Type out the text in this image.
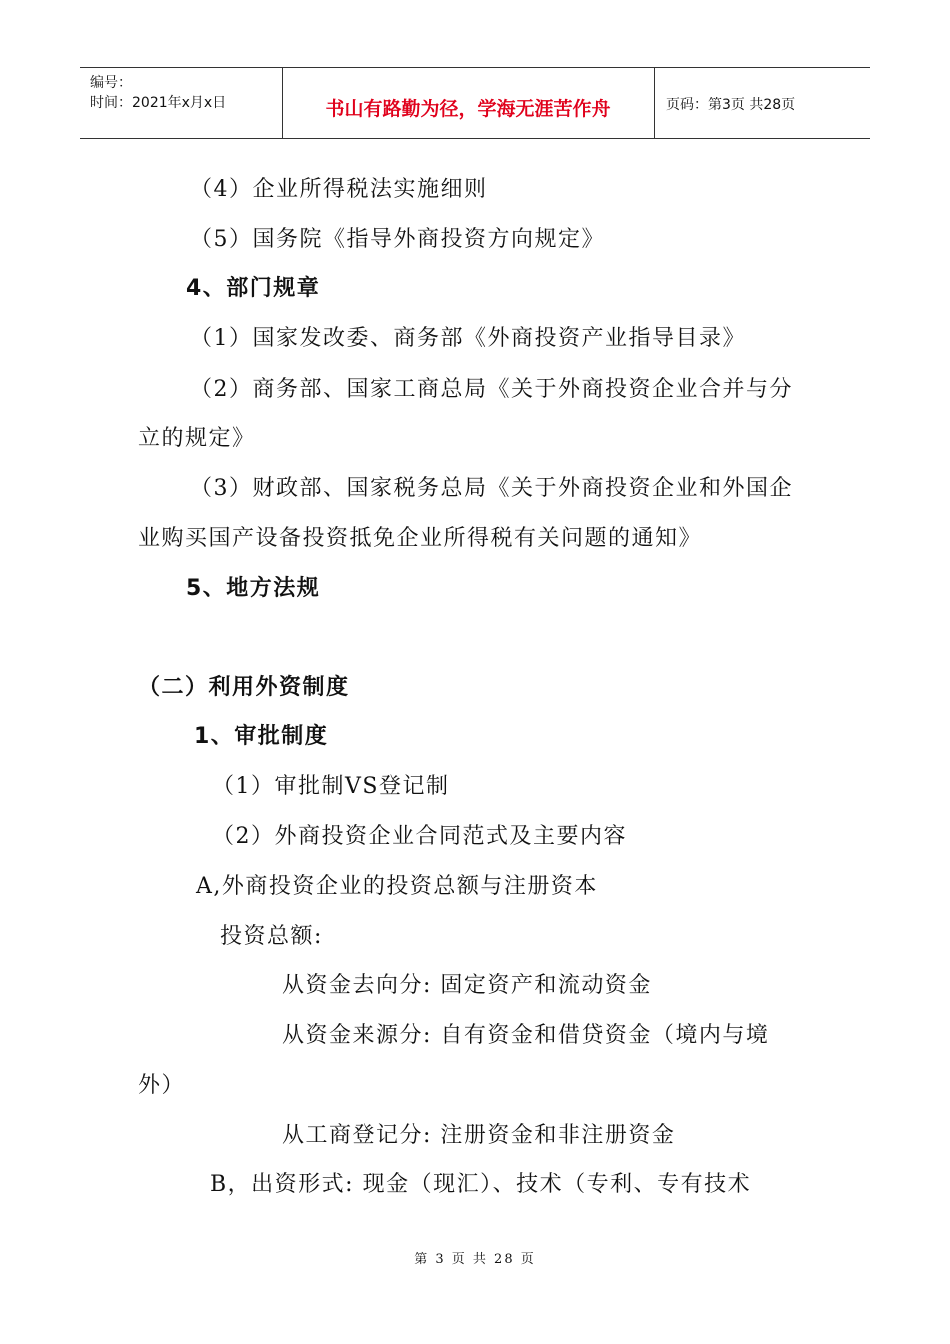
编号：
时间：2021年x月x日	书山有路勤为径，学海无涯苦作舟	页码：第3页 共28页
（4）企业所得税法实施细则
（5）国务院《指导外商投资方向规定》
4、部门规章
（1）国家发改委、商务部《外商投资产业指导目录》
（2）商务部、国家工商总局《关于外商投资企业合并与分
立的规定》
（3）财政部、国家税务总局《关于外商投资企业和外国企
业购买国产设备投资抵免企业所得税有关问题的通知》
5、地方法规
（二）利用外资制度
1、审批制度
（1）审批制VS登记制
（2）外商投资企业合同范式及主要内容
A,外商投资企业的投资总额与注册资本
投资总额:
从资金去向分: 固定资产和流动资金
从资金来源分: 自有资金和借贷资金（境内与境
外）
从工商登记分: 注册资金和非注册资金
B，出资形式: 现金（现汇）、技术（专利、专有技术
第 3 页 共 28 页
